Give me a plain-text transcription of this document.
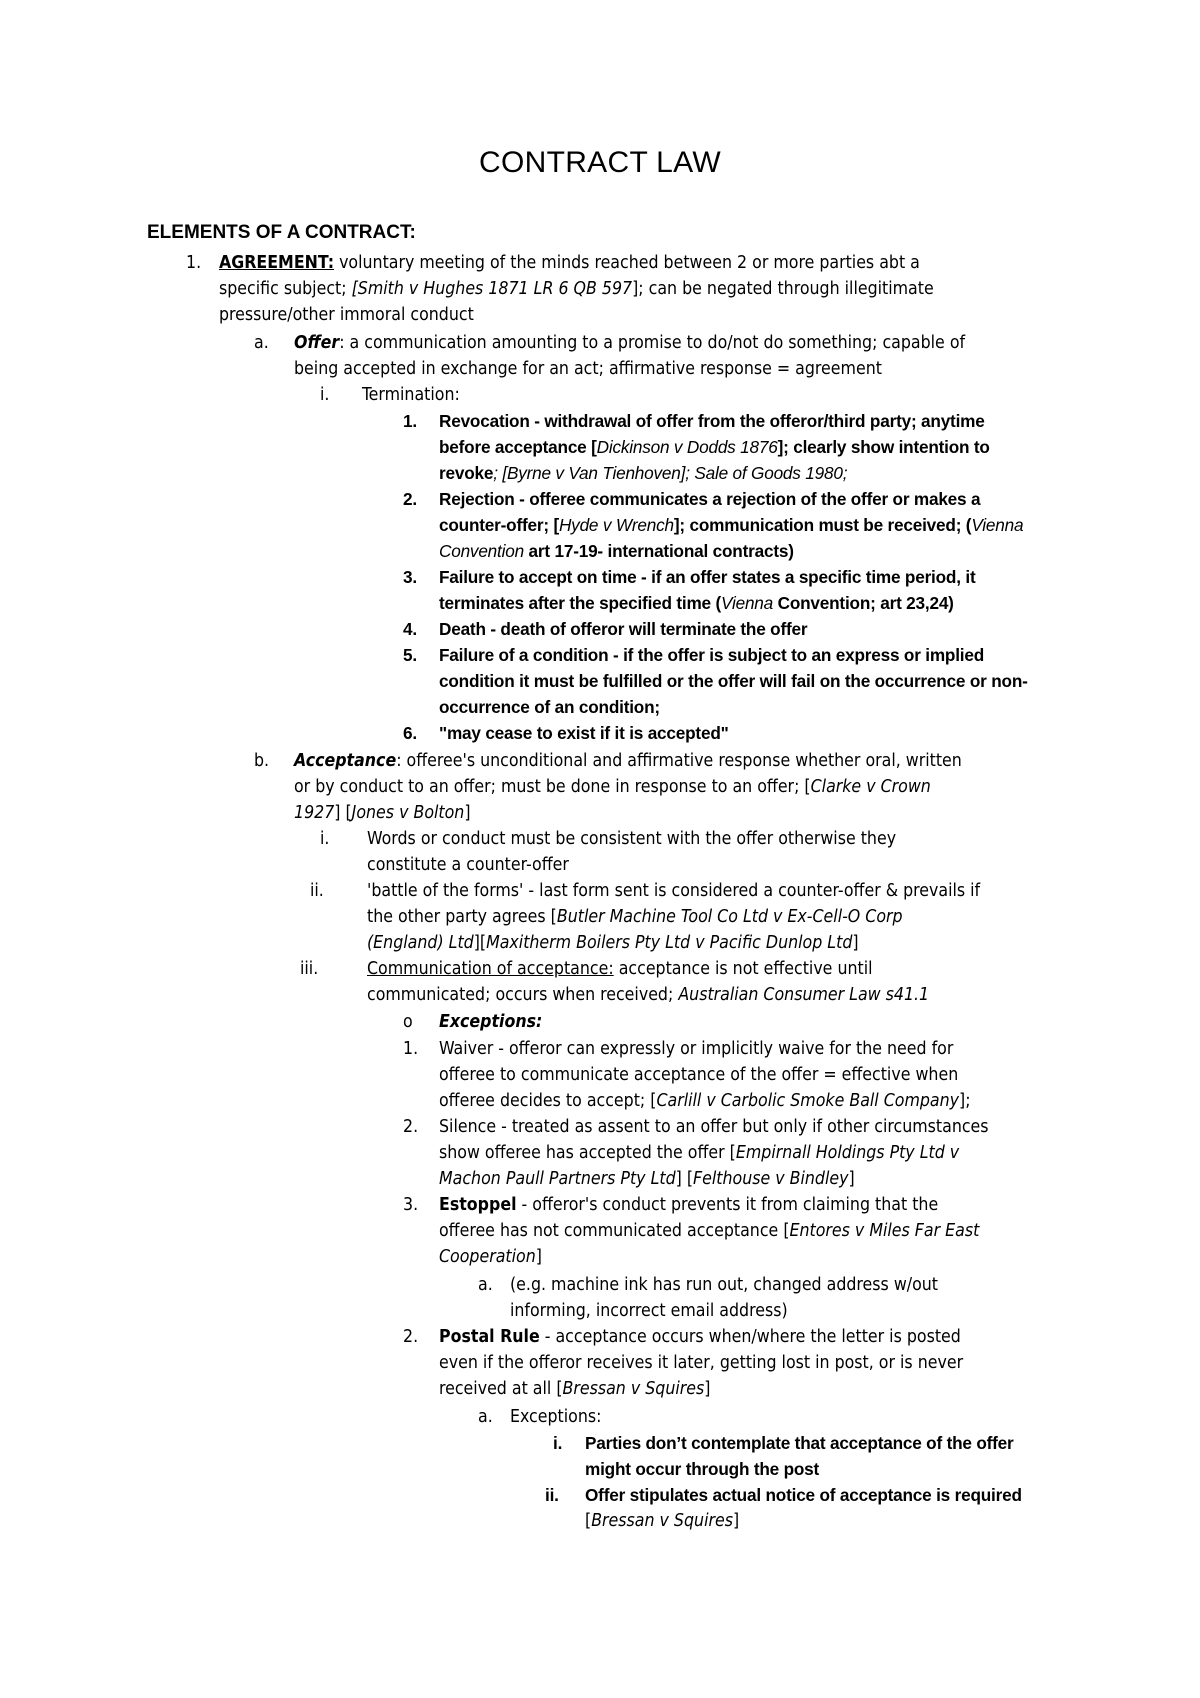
CONTRACT LAW
ELEMENTS OF A CONTRACT:
1. AGREEMENT: voluntary meeting of the minds reached between 2 or more parties abt a
specific subject; [Smith v Hughes 1871 LR 6 QB 597]; can be negated through illegitimate
pressure/other immoral conduct
a. Offer: a communication amounting to a promise to do/not do something; capable of
being accepted in exchange for an act; affirmative response = agreement
i. Termination:
1. Revocation - withdrawal of offer from the offeror/third party; anytime
before acceptance [Dickinson v Dodds 1876]; clearly show intention to
revoke; [Byrne v Van Tienhoven]; Sale of Goods 1980;
2. Rejection - offeree communicates a rejection of the offer or makes a
counter-offer; [Hyde v Wrench]; communication must be received; (Vienna
Convention art 17-19- international contracts)
3. Failure to accept on time - if an offer states a specific time period, it
terminates after the specified time (Vienna Convention; art 23,24)
4. Death - death of offeror will terminate the offer
5. Failure of a condition - if the offer is subject to an express or implied
condition it must be fulfilled or the offer will fail on the occurrence or non-
occurrence of an condition;
6. "may cease to exist if it is accepted"
b. Acceptance: offeree's unconditional and affirmative response whether oral, written
or by conduct to an offer; must be done in response to an offer; [Clarke v Crown
1927] [Jones v Bolton]
i. Words or conduct must be consistent with the offer otherwise they
constitute a counter-offer
ii. 'battle of the forms' - last form sent is considered a counter-offer & prevails if
the other party agrees [Butler Machine Tool Co Ltd v Ex-Cell-O Corp
(England) Ltd][Maxitherm Boilers Pty Ltd v Pacific Dunlop Ltd]
iii.	Communication of acceptance: acceptance is not effective until
communicated; occurs when received; Australian Consumer Law s41.1
o Exceptions:
1. Waiver - offeror can expressly or implicitly waive for the need for
offeree to communicate acceptance of the offer = effective when
offeree decides to accept; [Carlill v Carbolic Smoke Ball Company];
2. Silence - treated as assent to an offer but only if other circumstances
show offeree has accepted the offer [Empirnall Holdings Pty Ltd v
Machon Paull Partners Pty Ltd] [Felthouse v Bindley]
3. Estoppel - offeror's conduct prevents it from claiming that the
offeree has not communicated acceptance [Entores v Miles Far East
Cooperation]
a. (e.g. machine ink has run out, changed address w/out
informing, incorrect email address)
2. Postal Rule - acceptance occurs when/where the letter is posted
even if the offeror receives it later, getting lost in post, or is never
received at all [Bressan v Squires]
a. Exceptions:
i. Parties don’t contemplate that acceptance of the offer
might occur through the post
ii. Offer stipulates actual notice of acceptance is required
[Bressan v Squires]
